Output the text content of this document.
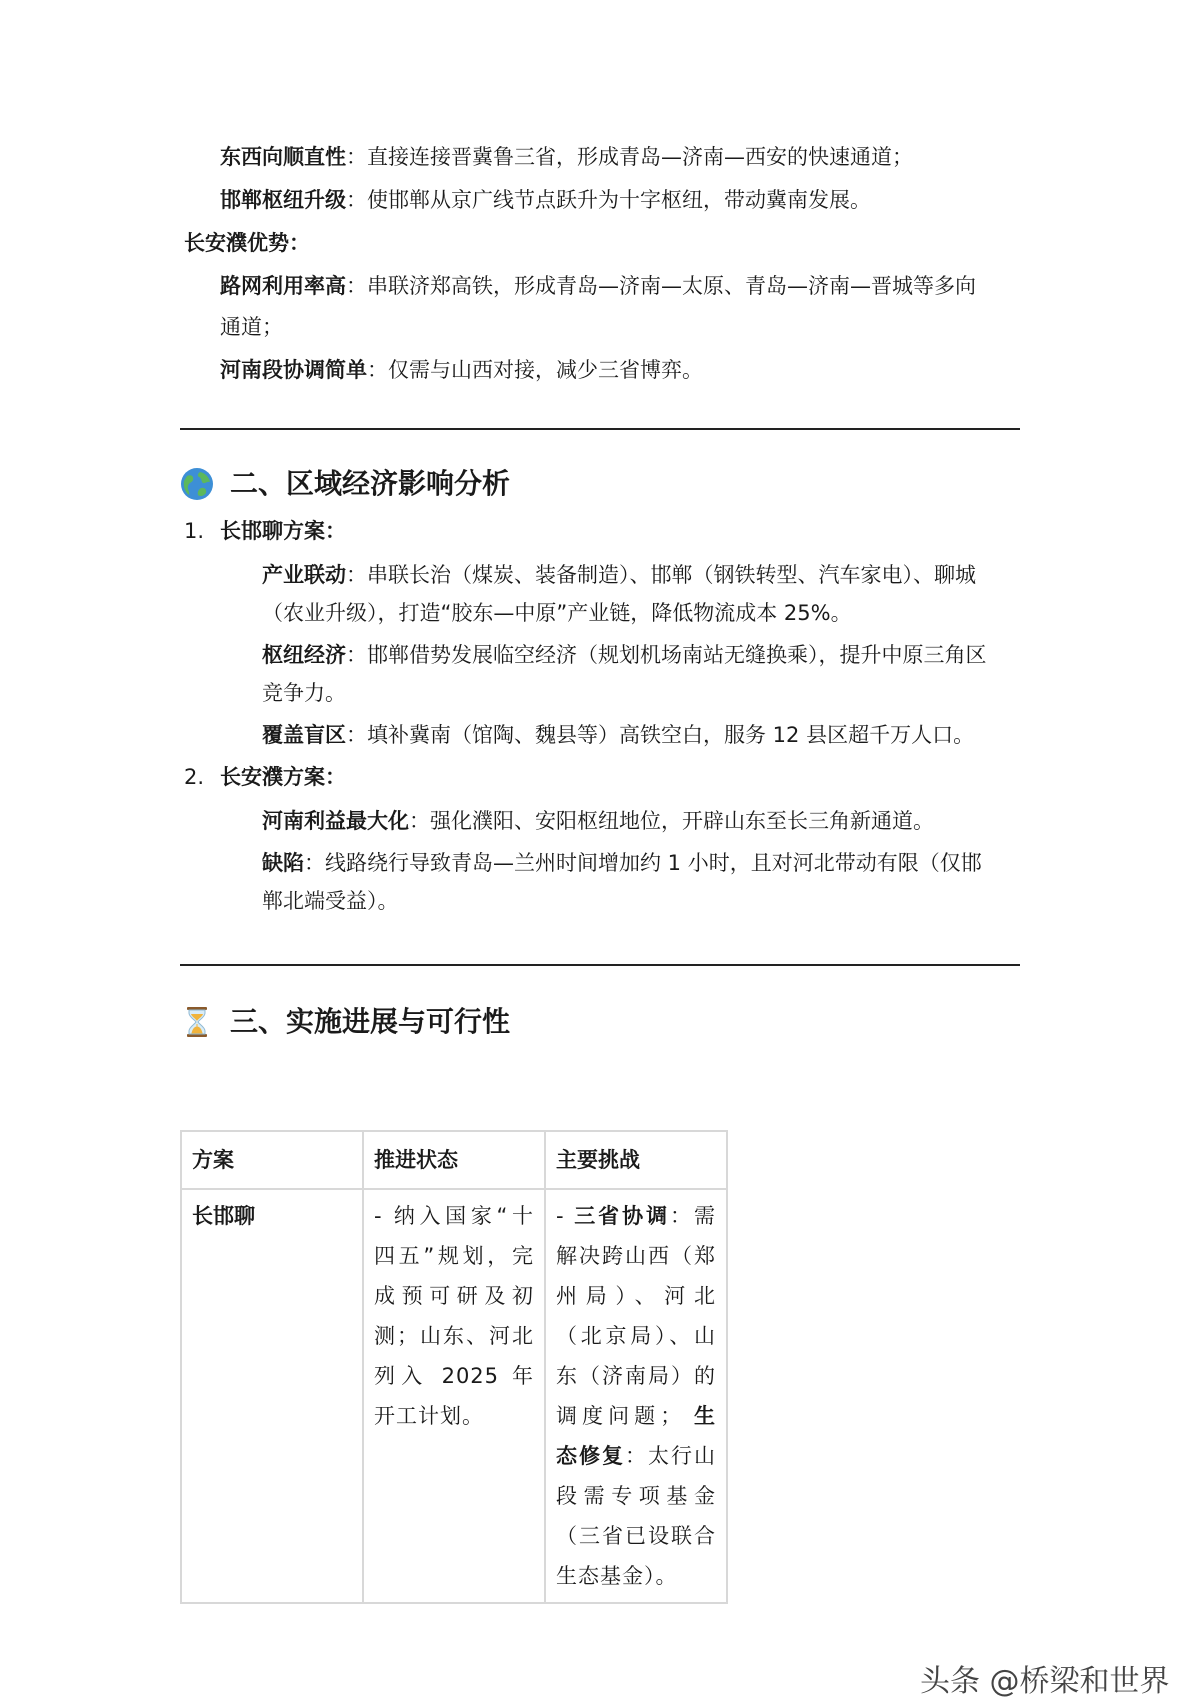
东西向顺直性：直接连接晋冀鲁三省，形成青岛—济南—西安的快速通道；
邯郸枢纽升级：使邯郸从京广线节点跃升为十字枢纽，带动冀南发展。
长安濮优势：
路网利用率高：串联济郑高铁，形成青岛—济南—太原、青岛—济南—晋城等多向
通道；
河南段协调简单：仅需与山西对接，减少三省博弈。
二、区域经济影响分析
1. 长邯聊方案：
产业联动：串联长治（煤炭、装备制造）、邯郸（钢铁转型、汽车家电）、聊城
（农业升级），打造“胶东—中原”产业链，降低物流成本 25%。
枢纽经济：邯郸借势发展临空经济（规划机场南站无缝换乘），提升中原三角区
竞争力。
覆盖盲区：填补冀南（馆陶、魏县等）高铁空白，服务 12 县区超千万人口。
2. 长安濮方案：
河南利益最大化：强化濮阳、安阳枢纽地位，开辟山东至长三角新通道。
缺陷：线路绕行导致青岛—兰州时间增加约 1 小时，且对河北带动有限（仅邯
郸北端受益）。
三、实施进展与可行性
方案	推进状态	主要挑战
长邯聊	- 纳入国家“十四五”规划，完成预可研及初测；山东、河北列入 2025 年开工计划。	- 三省协调：需解决跨山西（郑州局）、河北（北京局）、山东（济南局）的调度问题； 生态修复：太行山段需专项基金（三省已设联合生态基金）。
头条 @桥梁和世界
